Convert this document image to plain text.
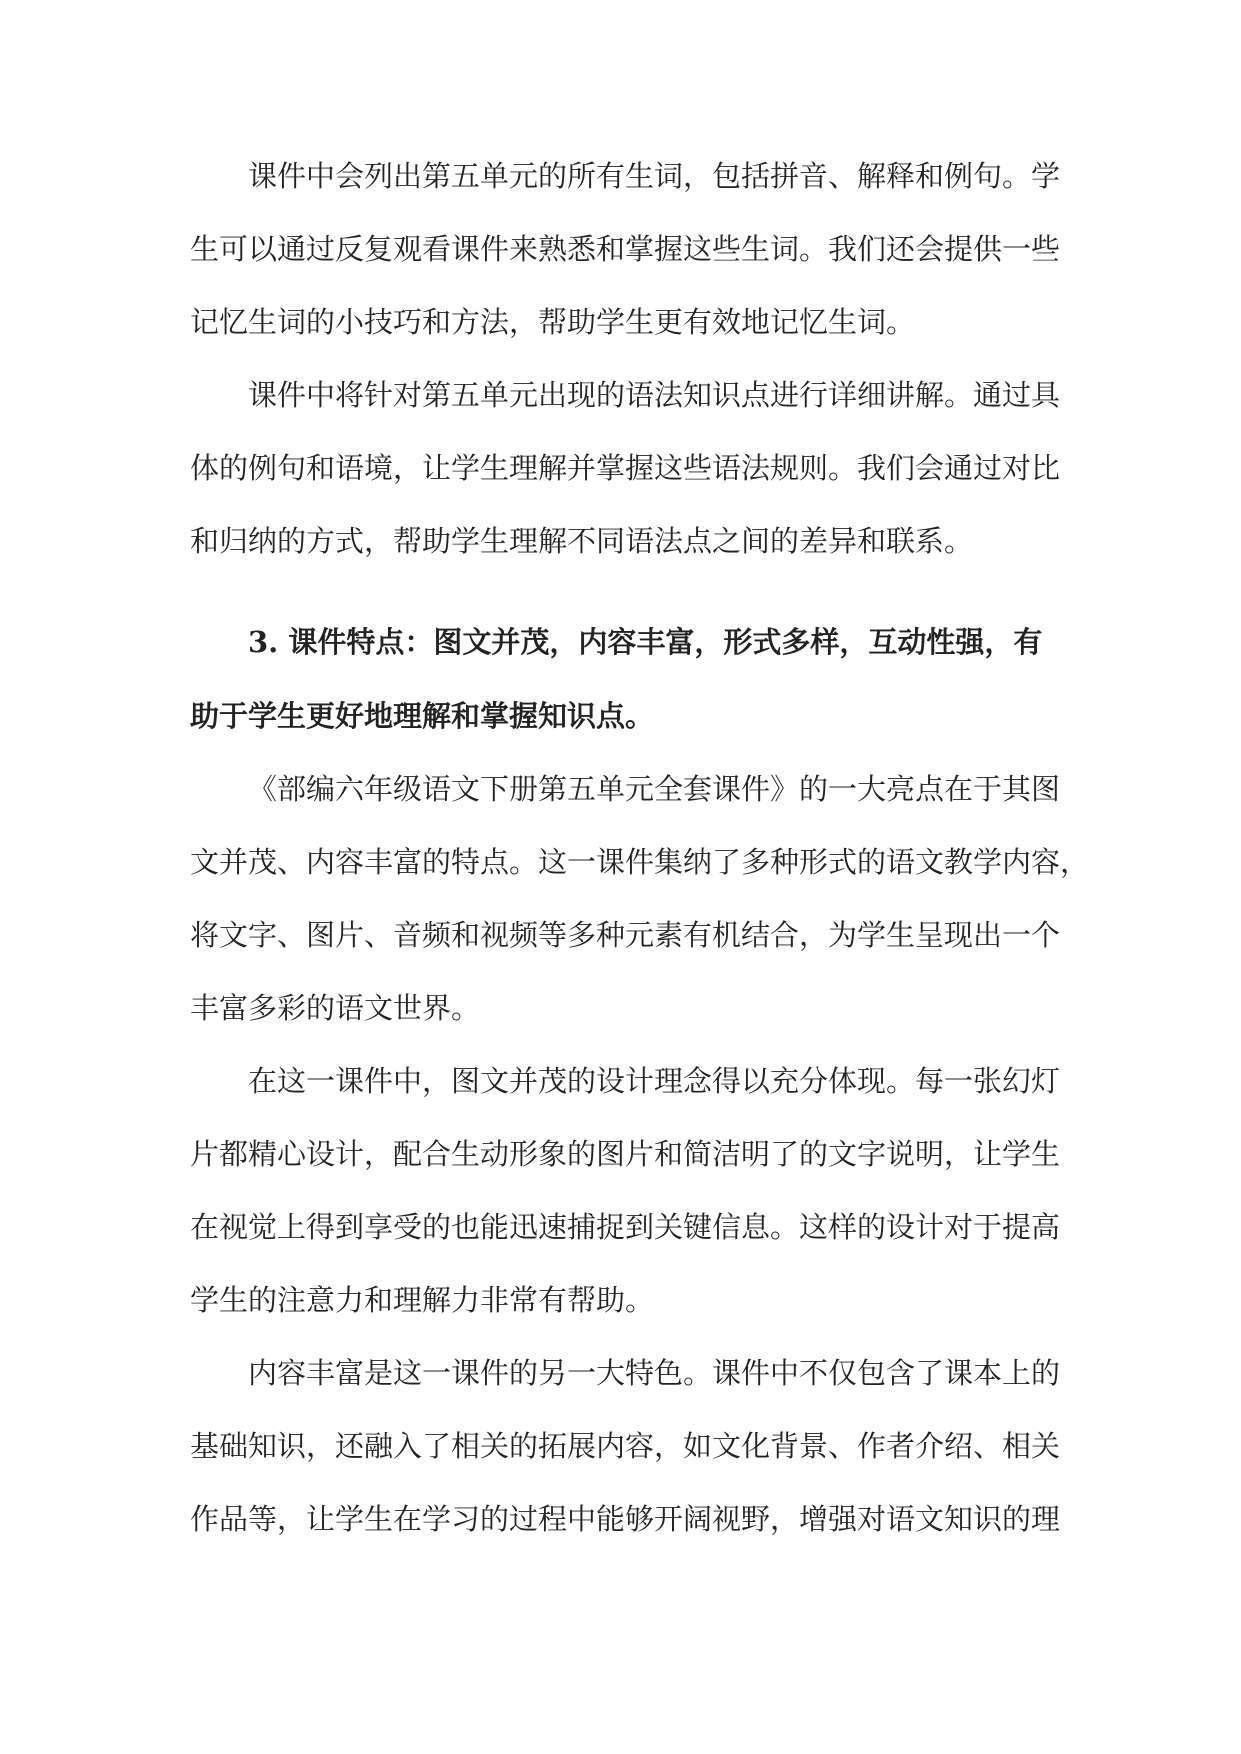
课件中会列出第五单元的所有生词，包括拼音、解释和例句。学
生可以通过反复观看课件来熟悉和掌握这些生词。我们还会提供一些
记忆生词的小技巧和方法，帮助学生更有效地记忆生词。

课件中将针对第五单元出现的语法知识点进行详细讲解。通过具
体的例句和语境，让学生理解并掌握这些语法规则。我们会通过对比
和归纳的方式，帮助学生理解不同语法点之间的差异和联系。

3. 课件特点：图文并茂，内容丰富，形式多样，互动性强，有
助于学生更好地理解和掌握知识点。

《部编六年级语文下册第五单元全套课件》的一大亮点在于其图
文并茂、内容丰富的特点。这一课件集纳了多种形式的语文教学内容，
将文字、图片、音频和视频等多种元素有机结合，为学生呈现出一个
丰富多彩的语文世界。

在这一课件中，图文并茂的设计理念得以充分体现。每一张幻灯
片都精心设计，配合生动形象的图片和简洁明了的文字说明，让学生
在视觉上得到享受的也能迅速捕捉到关键信息。这样的设计对于提高
学生的注意力和理解力非常有帮助。

内容丰富是这一课件的另一大特色。课件中不仅包含了课本上的
基础知识，还融入了相关的拓展内容，如文化背景、作者介绍、相关
作品等，让学生在学习的过程中能够开阔视野，增强对语文知识的理
